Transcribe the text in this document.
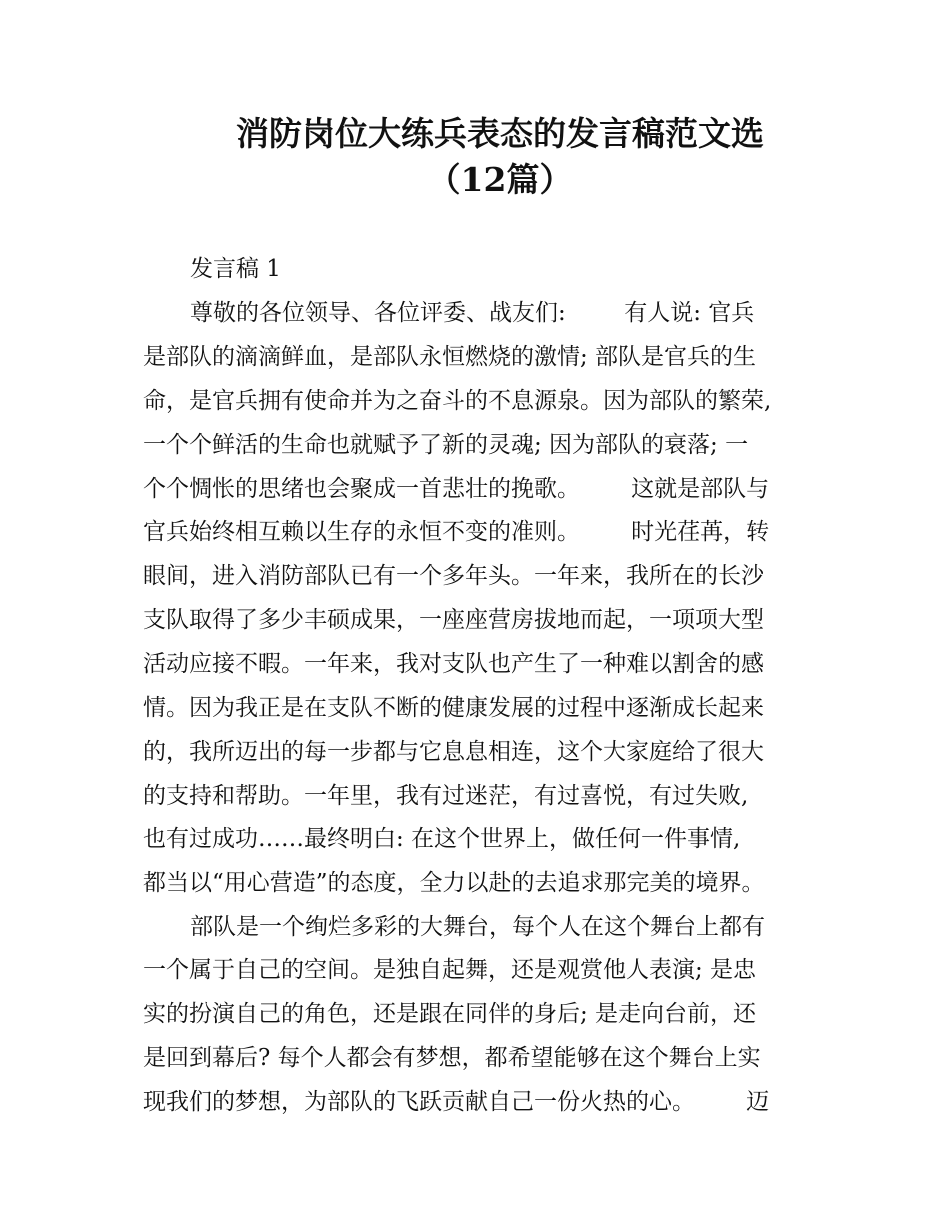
消防岗位大练兵表态的发言稿范文选
（12篇）
发言稿 1
尊敬的各位领导、各位评委、战友们:        有人说: 官兵
是部队的滴滴鲜血，是部队永恒燃烧的激情; 部队是官兵的生
命，是官兵拥有使命并为之奋斗的不息源泉。因为部队的繁荣,
一个个鲜活的生命也就赋予了新的灵魂; 因为部队的衰落; 一
个个惆怅的思绪也会聚成一首悲壮的挽歌。       这就是部队与
官兵始终相互赖以生存的永恒不变的准则。       时光荏苒，转
眼间，进入消防部队已有一个多年头。一年来，我所在的长沙
支队取得了多少丰硕成果，一座座营房拔地而起，一项项大型
活动应接不暇。一年来，我对支队也产生了一种难以割舍的感
情。因为我正是在支队不断的健康发展的过程中逐渐成长起来
的，我所迈出的每一步都与它息息相连，这个大家庭给了很大
的支持和帮助。一年里，我有过迷茫，有过喜悦，有过失败,
也有过成功……最终明白: 在这个世界上，做任何一件事情,
都当以“用心营造”的态度，全力以赴的去追求那完美的境界。
部队是一个绚烂多彩的大舞台，每个人在这个舞台上都有
一个属于自己的空间。是独自起舞，还是观赏他人表演; 是忠
实的扮演自己的角色，还是跟在同伴的身后; 是走向台前，还
是回到幕后? 每个人都会有梦想，都希望能够在这个舞台上实
现我们的梦想，为部队的飞跃贡献自己一份火热的心。       迈
